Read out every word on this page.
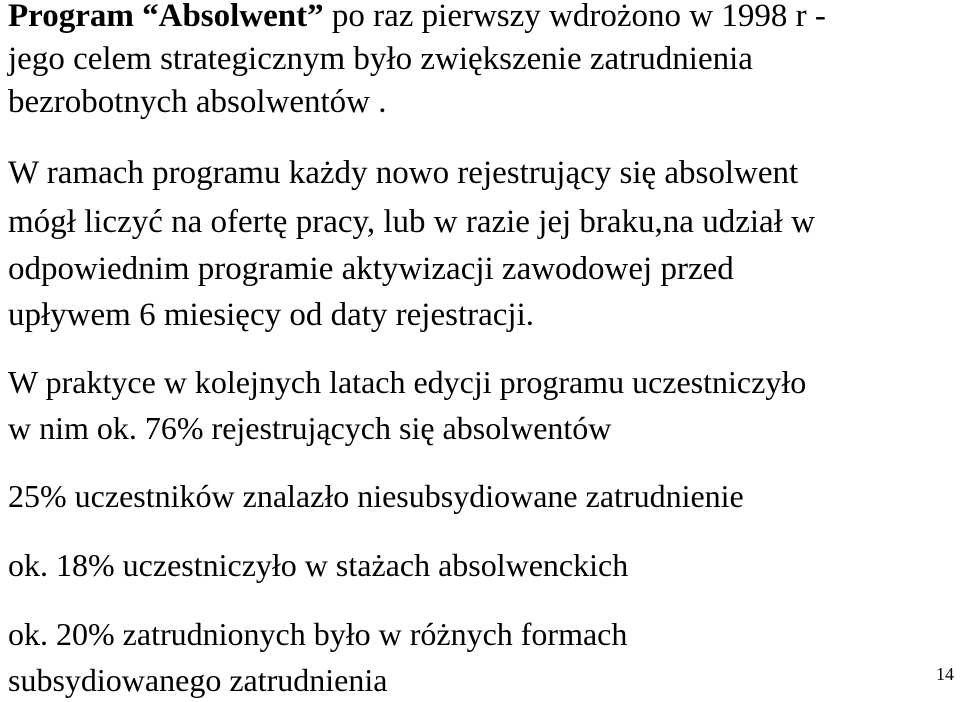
Program “Absolwent” po raz pierwszy wdrożono w 1998 r -

jego celem strategicznym było zwiększenie zatrudnienia

bezrobotnych absolwentów .

W ramach programu każdy nowo rejestrujący się absolwent

mógł liczyć na ofertę pracy, lub w razie jej braku,na udział w

odpowiednim programie aktywizacji zawodowej przed

upływem 6 miesięcy od daty rejestracji.

W praktyce w kolejnych latach edycji programu uczestniczyło

w nim ok. 76% rejestrujących się absolwentów

25% uczestników znalazło niesubsydiowane zatrudnienie

ok. 18% uczestniczyło w stażach absolwenckich

ok. 20% zatrudnionych było w różnych formach

subsydiowanego zatrudnienia	14
